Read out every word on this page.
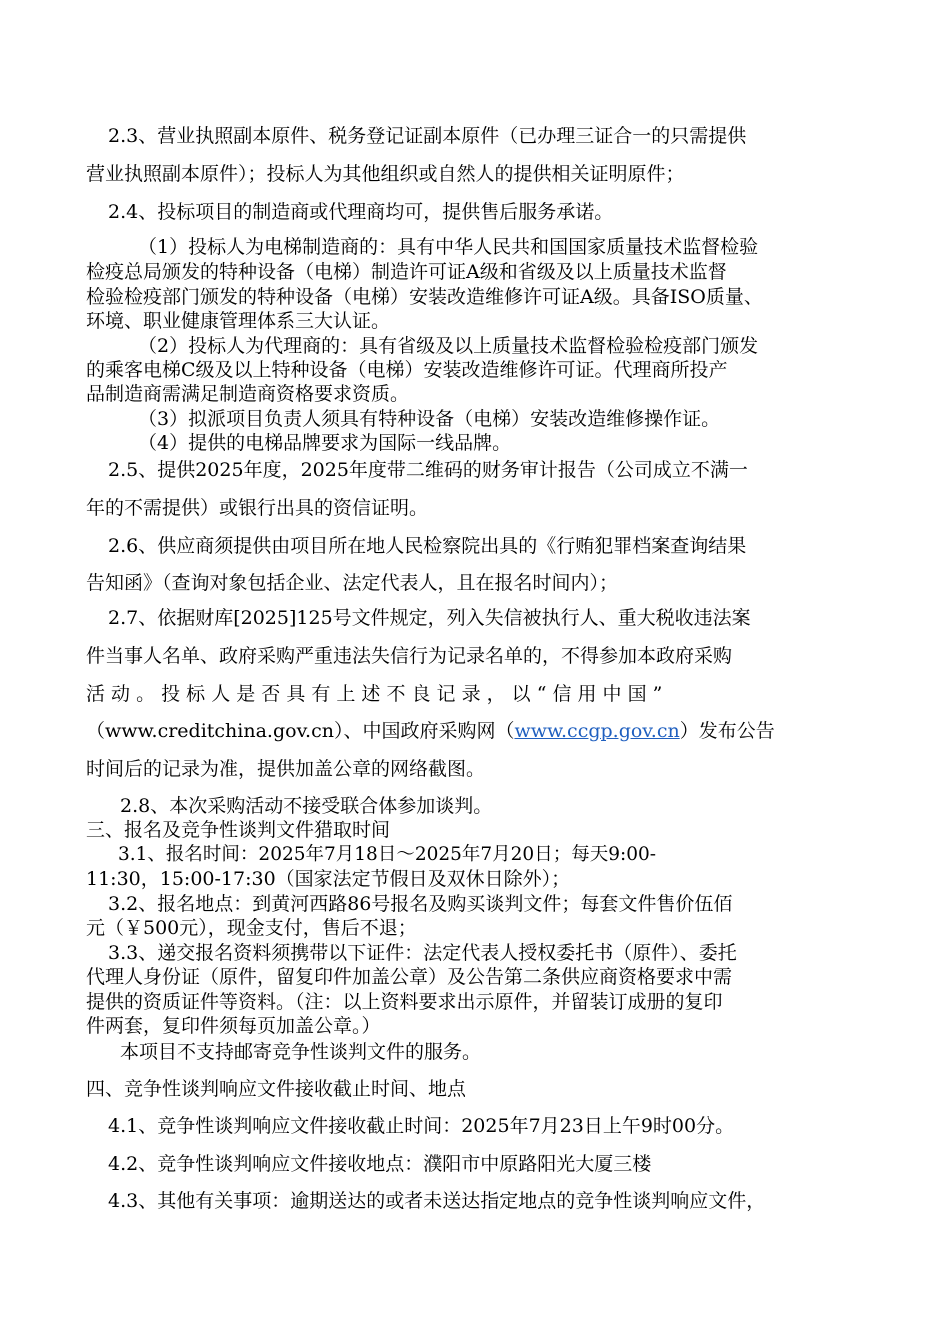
2.3、营业执照副本原件、税务登记证副本原件（已办理三证合一的只需提供
营业执照副本原件）；投标人为其他组织或自然人的提供相关证明原件；
2.4、投标项目的制造商或代理商均可，提供售后服务承诺。
（1）投标人为电梯制造商的：具有中华人民共和国国家质量技术监督检验
检疫总局颁发的特种设备（电梯）制造许可证A级和省级及以上质量技术监督
检验检疫部门颁发的特种设备（电梯）安装改造维修许可证A级。具备ISO质量、
环境、职业健康管理体系三大认证。
（2）投标人为代理商的：具有省级及以上质量技术监督检验检疫部门颁发
的乘客电梯C级及以上特种设备（电梯）安装改造维修许可证。代理商所投产
品制造商需满足制造商资格要求资质。
（3）拟派项目负责人须具有特种设备（电梯）安装改造维修操作证。
（4）提供的电梯品牌要求为国际一线品牌。
2.5、提供2025年度，2025年度带二维码的财务审计报告（公司成立不满一
年的不需提供）或银行出具的资信证明。
2.6、供应商须提供由项目所在地人民检察院出具的《行贿犯罪档案查询结果
告知函》（查询对象包括企业、法定代表人，且在报名时间内）；
2.7、依据财库[2025]125号文件规定，列入失信被执行人、重大税收违法案
件当事人名单、政府采购严重违法失信行为记录名单的，不得参加本政府采购
活 动 。 投 标 人 是 否 具 有 上 述 不 良 记 录 ， 以 “ 信 用 中 国 ”
（www.creditchina.gov.cn）、中国政府采购网（www.ccgp.gov.cn）发布公告
时间后的记录为准，提供加盖公章的网络截图。
2.8、本次采购活动不接受联合体参加谈判。
三、报名及竞争性谈判文件猎取时间
3.1、报名时间：2025年7月18日～2025年7月20日；每天9:00-
11:30，15:00-17:30（国家法定节假日及双休日除外）；
3.2、报名地点：到黄河西路86号报名及购买谈判文件；每套文件售价伍佰
元（￥500元），现金支付，售后不退；
3.3、递交报名资料须携带以下证件：法定代表人授权委托书（原件）、委托
代理人身份证（原件，留复印件加盖公章）及公告第二条供应商资格要求中需
提供的资质证件等资料。（注：以上资料要求出示原件，并留装订成册的复印
件两套，复印件须每页加盖公章。）
本项目不支持邮寄竞争性谈判文件的服务。
四、竞争性谈判响应文件接收截止时间、地点
4.1、竞争性谈判响应文件接收截止时间：2025年7月23日上午9时00分。
4.2、竞争性谈判响应文件接收地点：濮阳市中原路阳光大厦三楼
4.3、其他有关事项：逾期送达的或者未送达指定地点的竞争性谈判响应文件，
